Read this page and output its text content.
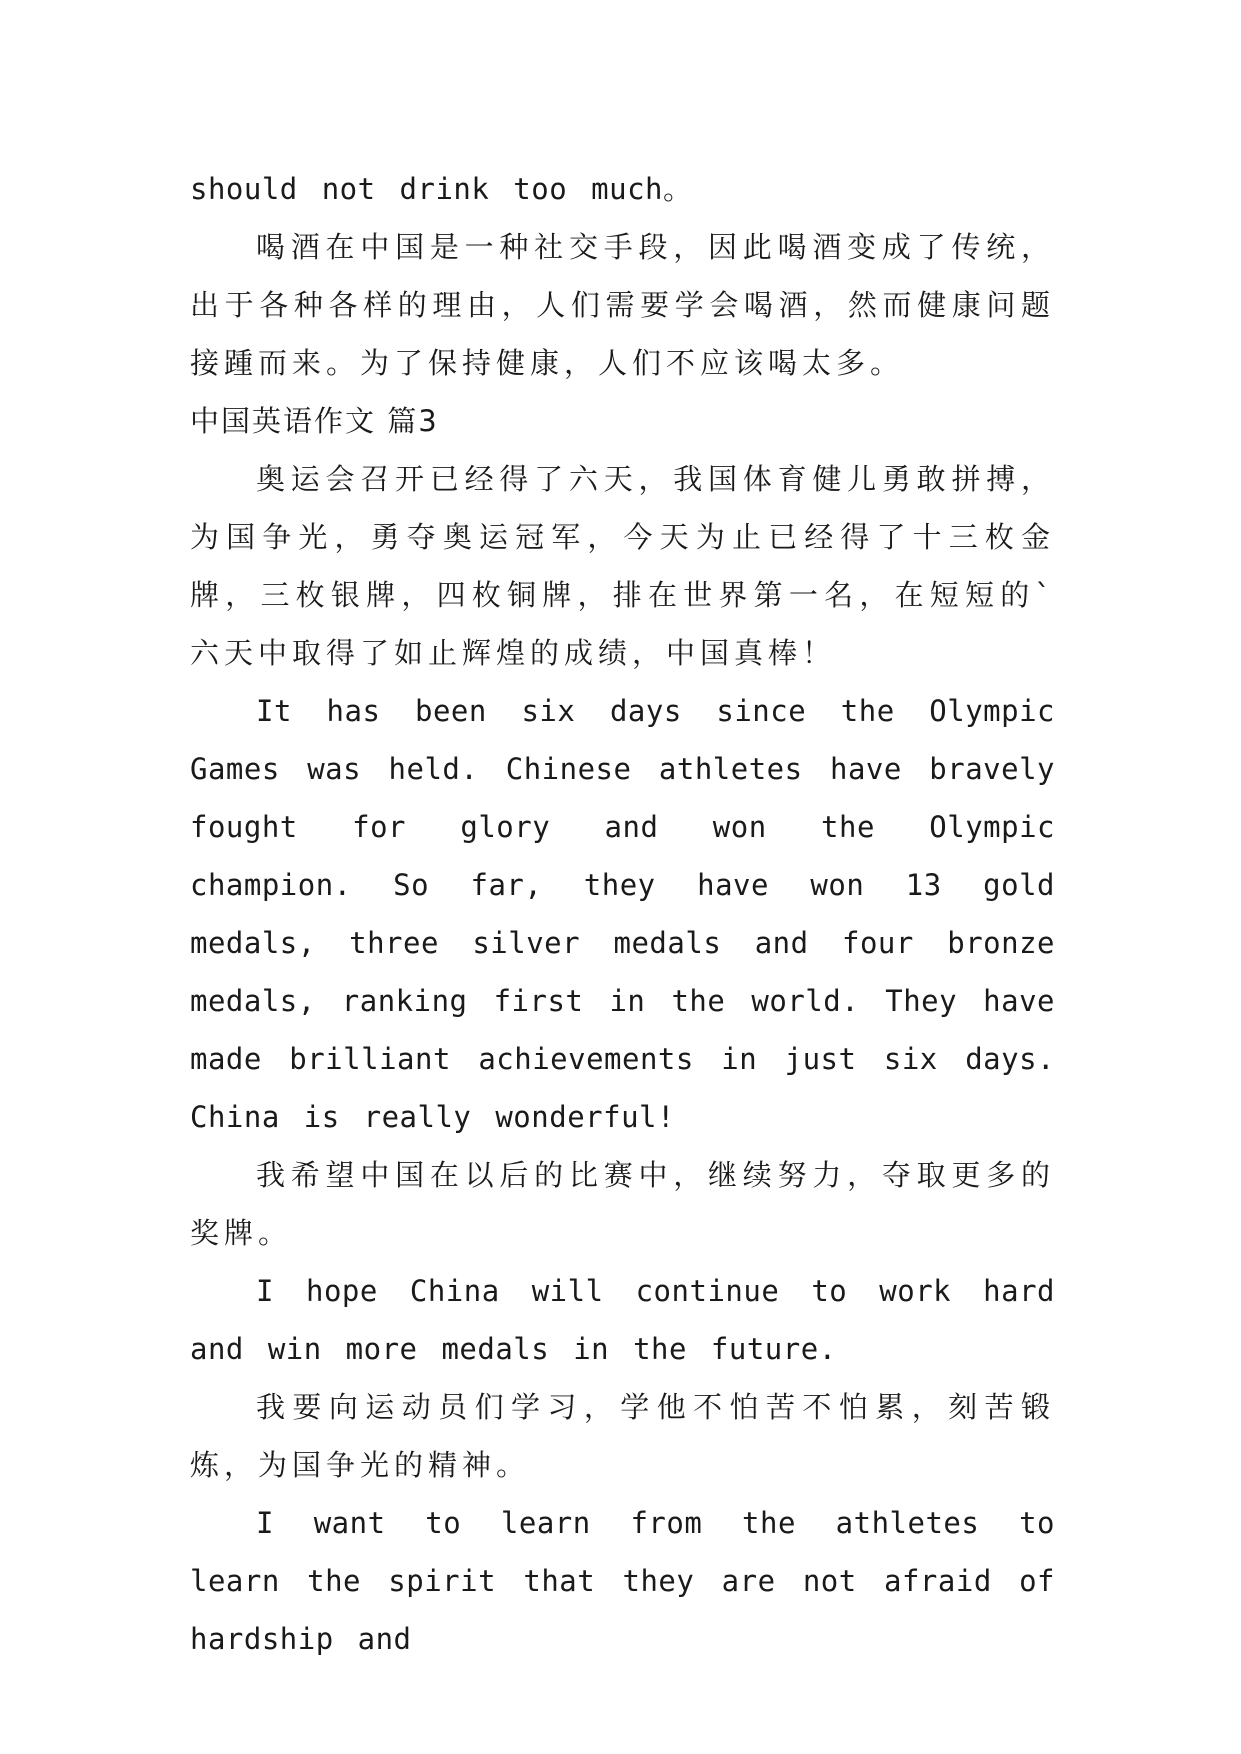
should not drink too much。

喝酒在中国是一种社交手段，因此喝酒变成了传统，出于各种各样的理由，人们需要学会喝酒，然而健康问题接踵而来。为了保持健康，人们不应该喝太多。

中国英语作文 篇3

奥运会召开已经得了六天，我国体育健儿勇敢拼搏，为国争光，勇夺奥运冠军，今天为止已经得了十三枚金牌，三枚银牌，四枚铜牌，排在世界第一名，在短短的`六天中取得了如止辉煌的成绩，中国真棒！

It has been six days since the Olympic Games was held. Chinese athletes have bravely fought for glory and won the Olympic champion. So far, they have won 13 gold medals, three silver medals and four bronze medals, ranking first in the world. They have made brilliant achievements in just six days. China is really wonderful!

我希望中国在以后的比赛中，继续努力，夺取更多的奖牌。

I hope China will continue to work hard and win more medals in the future.

我要向运动员们学习，学他不怕苦不怕累，刻苦锻炼，为国争光的精神。

I want to learn from the athletes to learn the spirit that they are not afraid of hardship and
